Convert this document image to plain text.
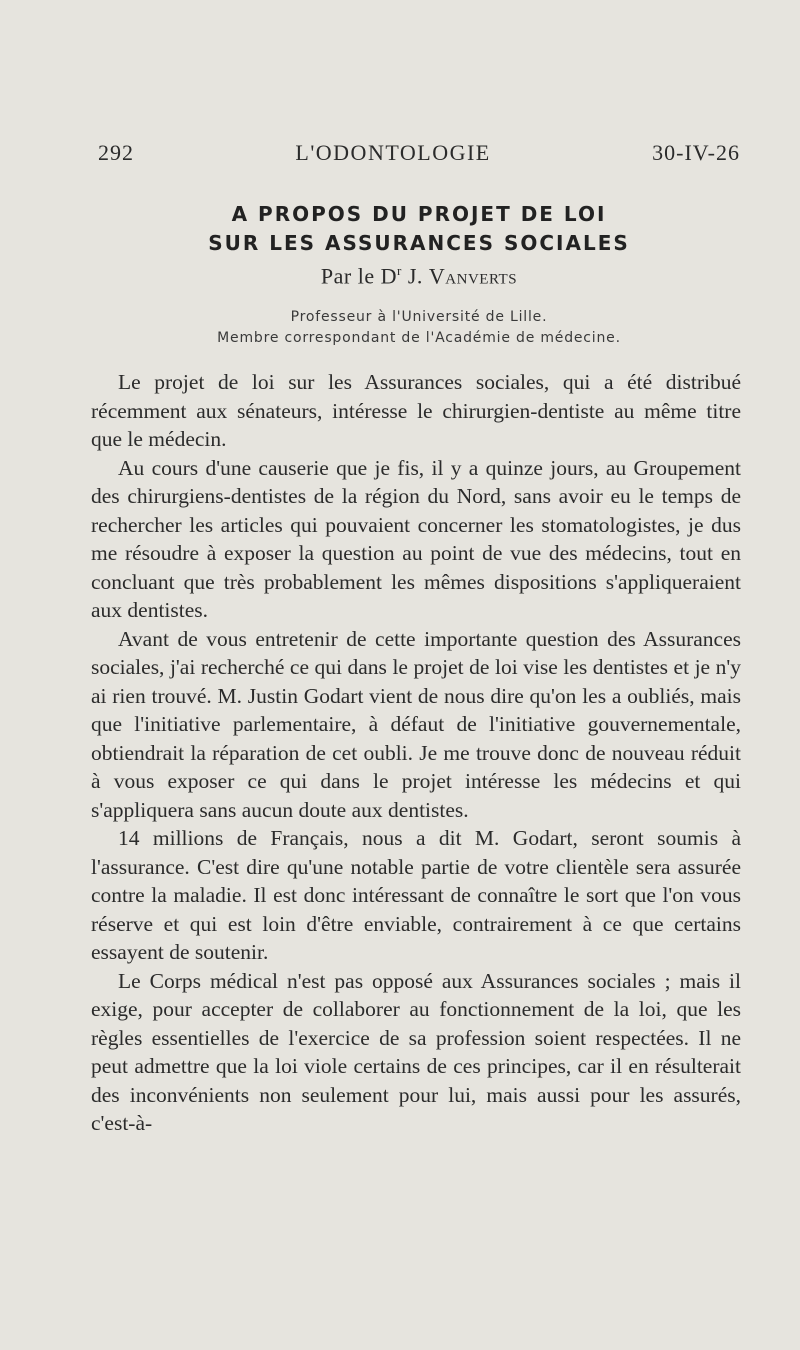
292	L'ODONTOLOGIE	30-IV-26
A PROPOS DU PROJET DE LOI
SUR LES ASSURANCES SOCIALES
Par le $D^r$ J. Vanverts
Professeur à l'Université de Lille.
Membre correspondant de l'Académie de médecine.

Le projet de loi sur les Assurances sociales, qui a été distribué récemment aux sénateurs, intéresse le chirurgien-dentiste au même titre que le médecin.

Au cours d'une causerie que je fis, il y a quinze jours, au Groupement des chirurgiens-dentistes de la région du Nord, sans avoir eu le temps de rechercher les articles qui pouvaient concerner les stomatologistes, je dus me résoudre à exposer la question au point de vue des médecins, tout en concluant que très probablement les mêmes dispositions s'appliqueraient aux dentistes.

Avant de vous entretenir de cette importante question des Assurances sociales, j'ai recherché ce qui dans le projet de loi vise les dentistes et je n'y ai rien trouvé. M. Justin Godart vient de nous dire qu'on les a oubliés, mais que l'initiative parlementaire, à défaut de l'initiative gouvernementale, obtiendrait la réparation de cet oubli. Je me trouve donc de nouveau réduit à vous exposer ce qui dans le projet intéresse les médecins et qui s'appliquera sans aucun doute aux dentistes.

14 millions de Français, nous a dit M. Godart, seront soumis à l'assurance. C'est dire qu'une notable partie de votre clientèle sera assurée contre la maladie. Il est donc intéressant de connaître le sort que l'on vous réserve et qui est loin d'être enviable, contrairement à ce que certains essayent de soutenir.

Le Corps médical n'est pas opposé aux Assurances sociales ; mais il exige, pour accepter de collaborer au fonctionnement de la loi, que les règles essentielles de l'exercice de sa profession soient respectées. Il ne peut admettre que la loi viole certains de ces principes, car il en résulterait des inconvénients non seulement pour lui, mais aussi pour les assurés, c'est-à-
